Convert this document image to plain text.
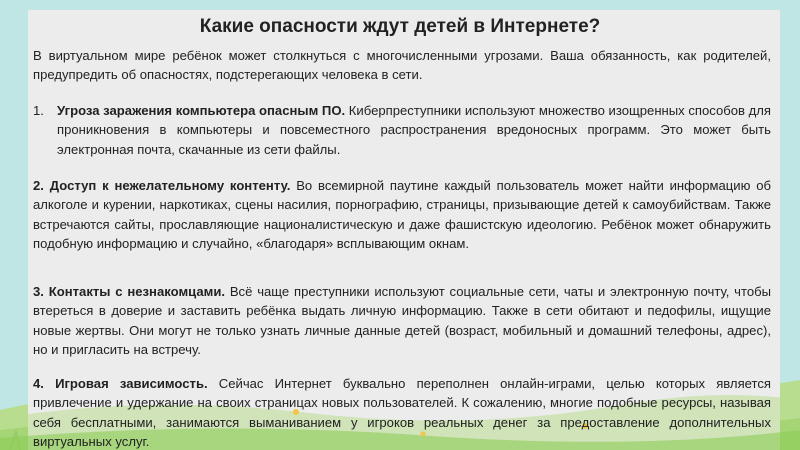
Какие опасности ждут детей в Интернете?
В виртуальном мире ребёнок может столкнуться с многочисленными угрозами. Ваша обязанность, как родителей, предупредить об опасностях, подстерегающих человека в сети.
1. Угроза заражения компьютера опасным ПО. Киберпреступники используют множество изощренных способов для проникновения в компьютеры и повсеместного распространения вредоносных программ. Это может быть электронная почта, скачанные из сети файлы.
2. Доступ к нежелательному контенту. Во всемирной паутине каждый пользователь может найти информацию об алкоголе и курении, наркотиках, сцены насилия, порнографию, страницы, призывающие детей к самоубийствам. Также встречаются сайты, прославляющие националистическую и даже фашистскую идеологию. Ребёнок может обнаружить подобную информацию и случайно, «благодаря» всплывающим окнам.
3. Контакты с незнакомцами. Всё чаще преступники используют социальные сети, чаты и электронную почту, чтобы втереться в доверие и заставить ребёнка выдать личную информацию. Также в сети обитают и педофилы, ищущие новые жертвы. Они могут не только узнать личные данные детей (возраст, мобильный и домашний телефоны, адрес), но и пригласить на встречу.
4. Игровая зависимость. Сейчас Интернет буквально переполнен онлайн-играми, целью которых является привлечение и удержание на своих страницах новых пользователей. К сожалению, многие подобные ресурсы, называя себя бесплатными, занимаются выманиванием у игроков реальных денег за предоставление дополнительных виртуальных услуг.
